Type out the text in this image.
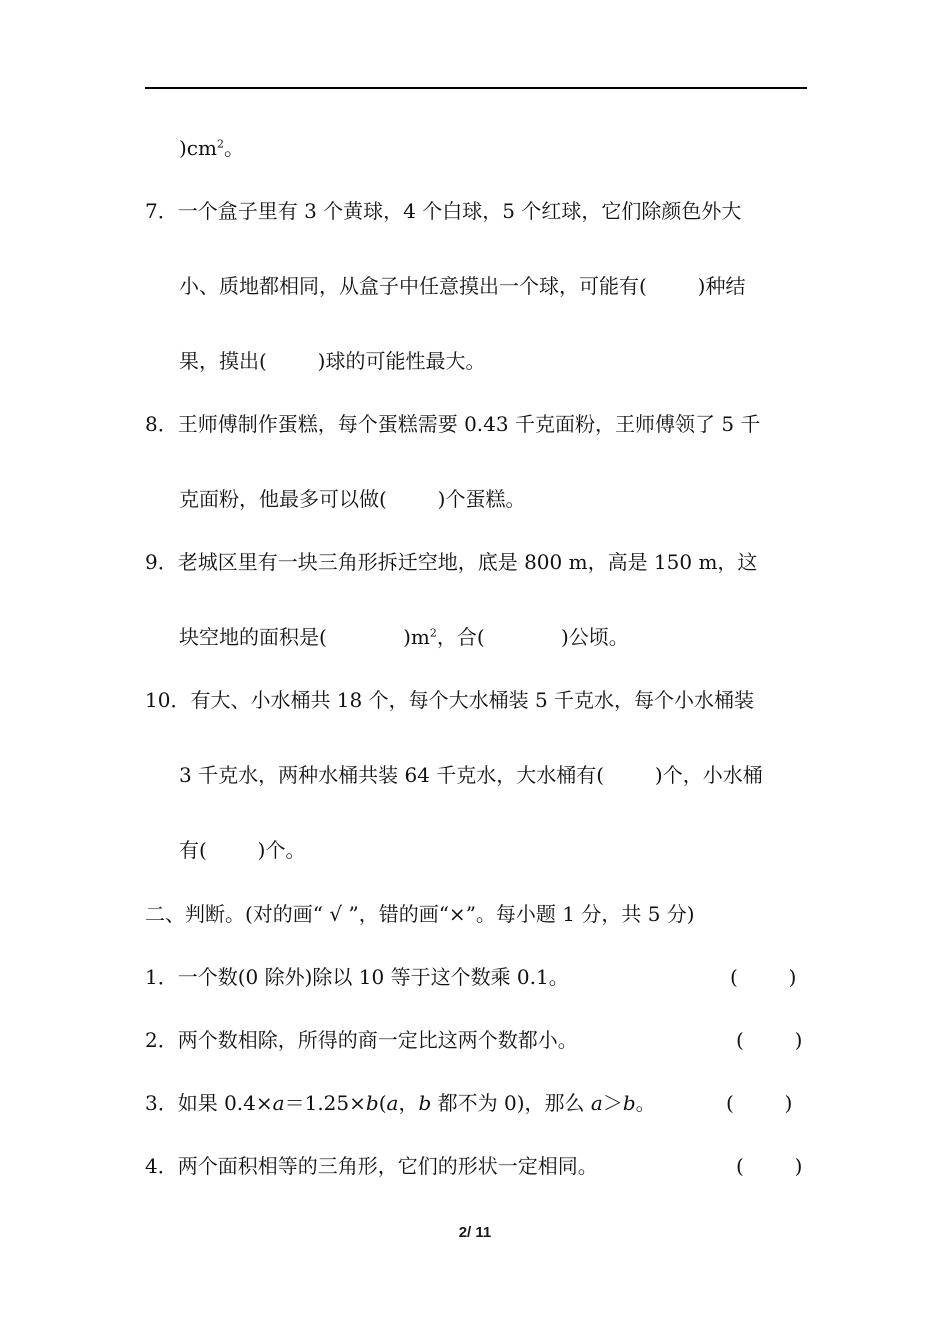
)$cm^2$。
7．一个盒子里有 3 个黄球，4 个白球，5 个红球，它们除颜色外大
小、质地都相同，从盒子中任意摸出一个球，可能有(        )种结
果，摸出(        )球的可能性最大。
8．王师傅制作蛋糕，每个蛋糕需要 0.43 千克面粉，王师傅领了 5 千
克面粉，他最多可以做(        )个蛋糕。
9．老城区里有一块三角形拆迁空地，底是 800 m，高是 150 m，这
块空地的面积是(            )$m^2$，合(            )公顷。
10．有大、小水桶共 18 个，每个大水桶装 5 千克水，每个小水桶装
3 千克水，两种水桶共装 64 千克水，大水桶有(        )个，小水桶
有(        )个。
二、判断。(对的画“ √ ”，错的画“×”。每小题 1 分，共 5 分)
1．一个数(0 除外)除以 10 等于这个数乘 0.1。	(        )
2．两个数相除，所得的商一定比这两个数都小。	(        )
3．如果 0.4×a＝1.25×b(a，b 都不为 0)，那么 a＞b。	(        )
4．两个面积相等的三角形，它们的形状一定相同。	(        )
2/ 11
